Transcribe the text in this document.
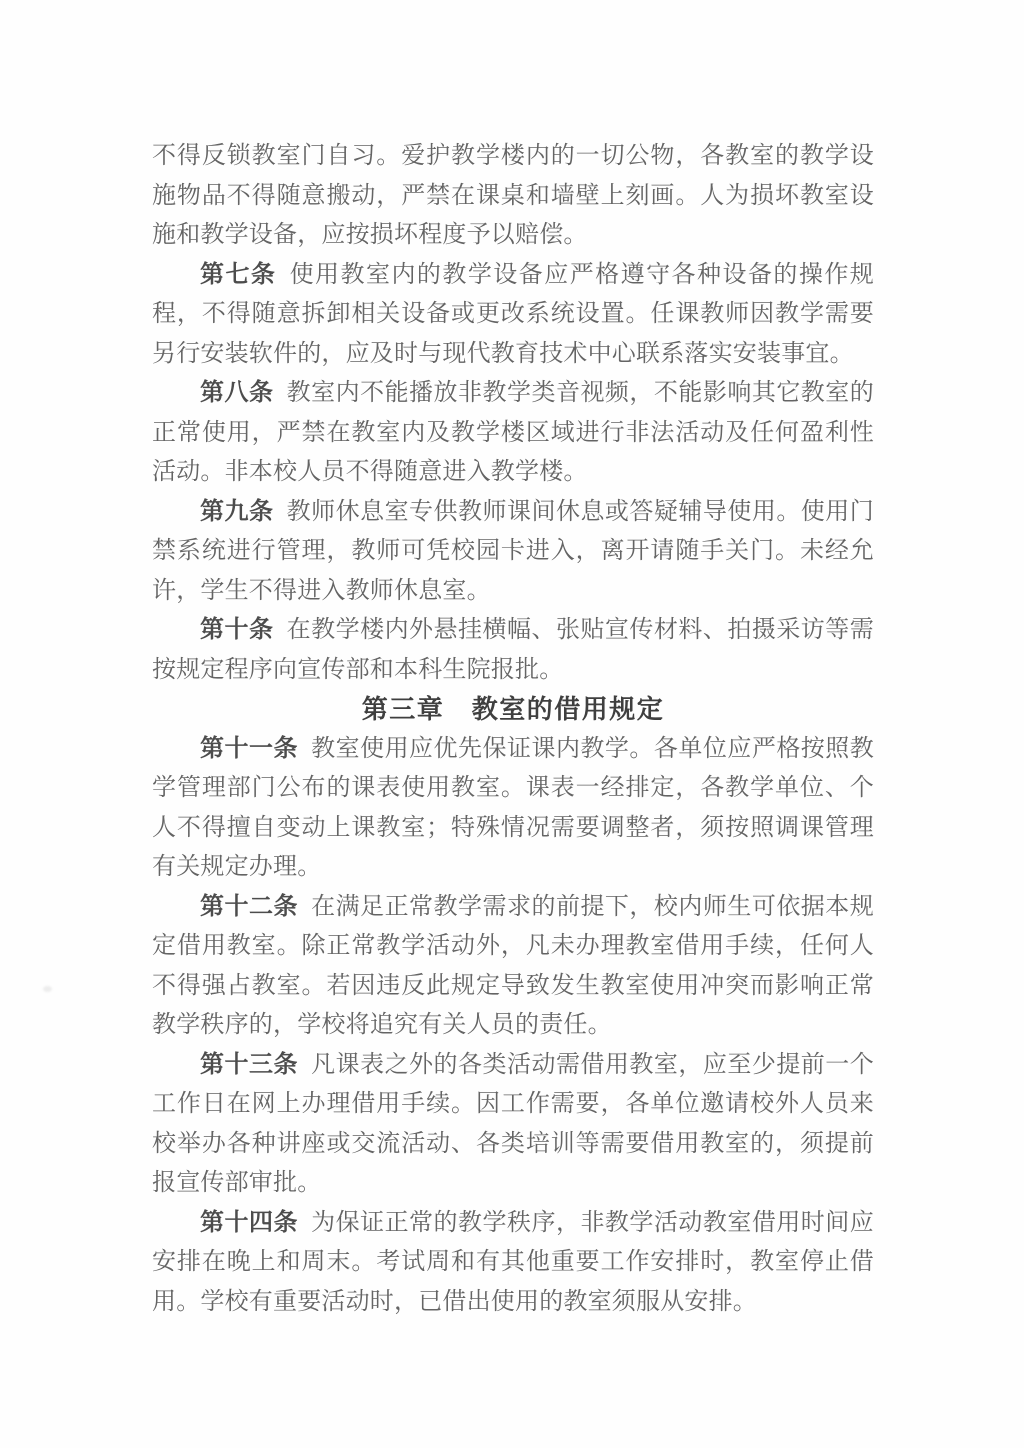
不得反锁教室门自习。爱护教学楼内的一切公物，各教室的教学设施物品不得随意搬动，严禁在课桌和墙壁上刻画。人为损坏教室设施和教学设备，应按损坏程度予以赔偿。

第七条 使用教室内的教学设备应严格遵守各种设备的操作规程，不得随意拆卸相关设备或更改系统设置。任课教师因教学需要另行安装软件的，应及时与现代教育技术中心联系落实安装事宜。

第八条 教室内不能播放非教学类音视频，不能影响其它教室的正常使用，严禁在教室内及教学楼区域进行非法活动及任何盈利性活动。非本校人员不得随意进入教学楼。

第九条 教师休息室专供教师课间休息或答疑辅导使用。使用门禁系统进行管理，教师可凭校园卡进入，离开请随手关门。未经允许，学生不得进入教师休息室。

第十条 在教学楼内外悬挂横幅、张贴宣传材料、拍摄采访等需按规定程序向宣传部和本科生院报批。

第三章　教室的借用规定

第十一条 教室使用应优先保证课内教学。各单位应严格按照教学管理部门公布的课表使用教室。课表一经排定，各教学单位、个人不得擅自变动上课教室；特殊情况需要调整者，须按照调课管理有关规定办理。

第十二条 在满足正常教学需求的前提下，校内师生可依据本规定借用教室。除正常教学活动外，凡未办理教室借用手续，任何人不得强占教室。若因违反此规定导致发生教室使用冲突而影响正常教学秩序的，学校将追究有关人员的责任。

第十三条 凡课表之外的各类活动需借用教室，应至少提前一个工作日在网上办理借用手续。因工作需要，各单位邀请校外人员来校举办各种讲座或交流活动、各类培训等需要借用教室的，须提前报宣传部审批。

第十四条 为保证正常的教学秩序，非教学活动教室借用时间应安排在晚上和周末。考试周和有其他重要工作安排时，教室停止借用。学校有重要活动时，已借出使用的教室须服从安排。
